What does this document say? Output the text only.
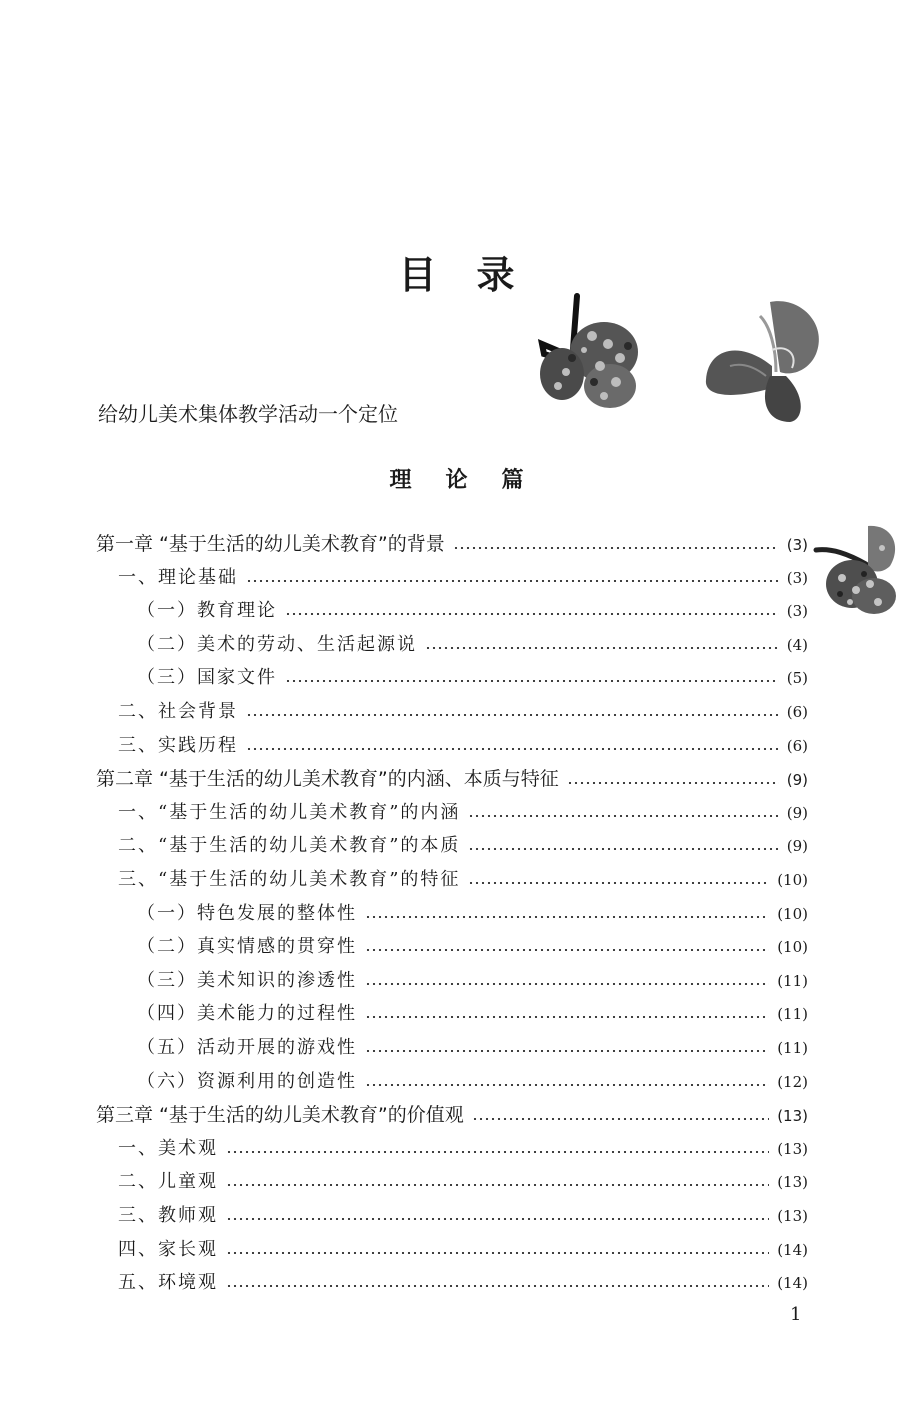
目录
给幼儿美术集体教学活动一个定位
理论篇
第一章 “基于生活的幼儿美术教育”的背景	(3)
一、理论基础	(3)
（一）教育理论	(3)
（二）美术的劳动、生活起源说	(4)
（三）国家文件	(5)
二、社会背景	(6)
三、实践历程	(6)
第二章 “基于生活的幼儿美术教育”的内涵、本质与特征	(9)
一、“基于生活的幼儿美术教育”的内涵	(9)
二、“基于生活的幼儿美术教育”的本质	(9)
三、“基于生活的幼儿美术教育”的特征	(10)
（一）特色发展的整体性	(10)
（二）真实情感的贯穿性	(10)
（三）美术知识的渗透性	(11)
（四）美术能力的过程性	(11)
（五）活动开展的游戏性	(11)
（六）资源利用的创造性	(12)
第三章 “基于生活的幼儿美术教育”的价值观	(13)
一、美术观	(13)
二、儿童观	(13)
三、教师观	(13)
四、家长观	(14)
五、环境观	(14)
1
